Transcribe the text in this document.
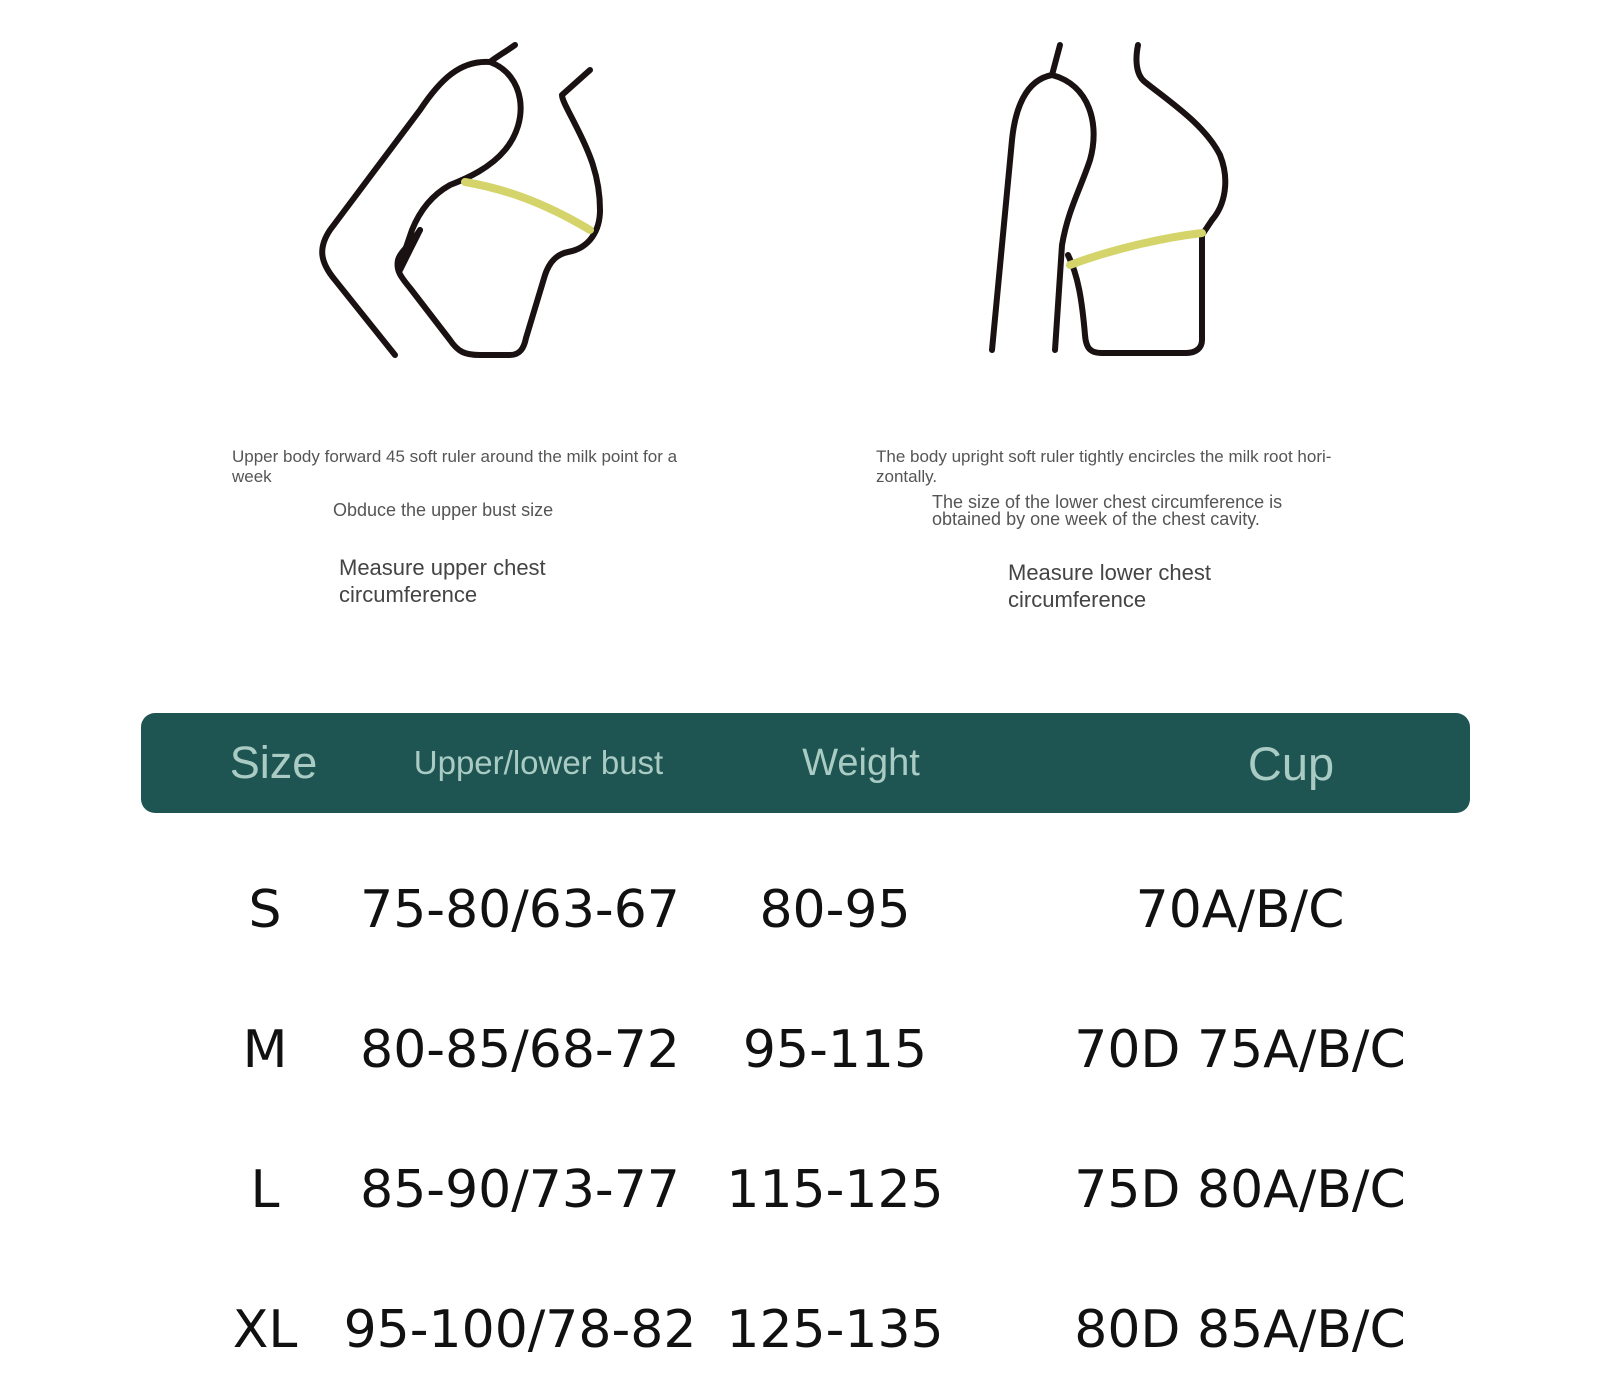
Upper body forward 45 soft ruler around the milk point for a week
Obduce the upper bust size
Measure upper chest circumference
The body upright soft ruler tightly encircles the milk root hori- zontally.
The size of the lower chest circumference is obtained by one week of the chest cavity.
Measure lower chest circumference
Size	Upper/lower bust	Weight	Cup
S	75-80/63-67	80-95	70A/B/C
M	80-85/68-72	95-115	70D 75A/B/C
L	85-90/73-77 115-125	75D 80A/B/C
XL 95-100/78-82 125-135	80D 85A/B/C
